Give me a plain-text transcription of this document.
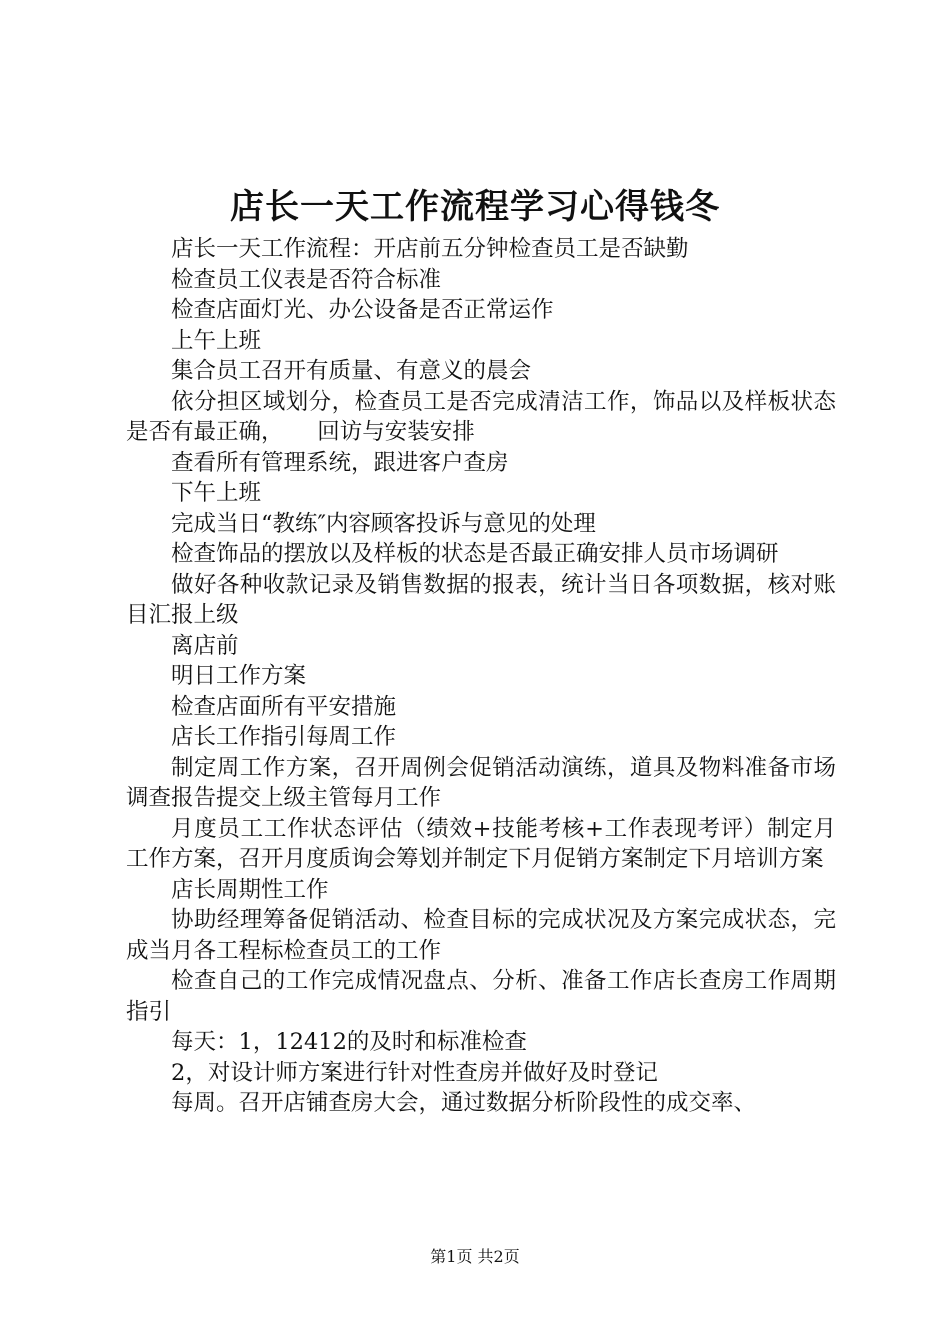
店长一天工作流程学习心得钱冬

店长一天工作流程：开店前五分钟检查员工是否缺勤

检查员工仪表是否符合标准

检查店面灯光、办公设备是否正常运作

上午上班

集合员工召开有质量、有意义的晨会

依分担区域划分，检查员工是否完成清洁工作，饰品以及样板状态是否有最正确，　　回访与安装安排

查看所有管理系统，跟进客户查房

下午上班

完成当日“教练″内容顾客投诉与意见的处理

检查饰品的摆放以及样板的状态是否最正确安排人员市场调研

做好各种收款记录及销售数据的报表，统计当日各项数据，核对账目汇报上级

离店前

明日工作方案

检查店面所有平安措施

店长工作指引每周工作

制定周工作方案，召开周例会促销活动演练，道具及物料准备市场调查报告提交上级主管每月工作

月度员工工作状态评估（绩效+技能考核+工作表现考评）制定月工作方案，召开月度质询会筹划并制定下月促销方案制定下月培训方案

店长周期性工作

协助经理筹备促销活动、检查目标的完成状况及方案完成状态，完成当月各工程标检查员工的工作

检查自己的工作完成情况盘点、分析、准备工作店长查房工作周期指引

每天：1，12412的及时和标准检查

2，对设计师方案进行针对性查房并做好及时登记

每周。召开店铺查房大会，通过数据分析阶段性的成交率、

第1页 共2页
